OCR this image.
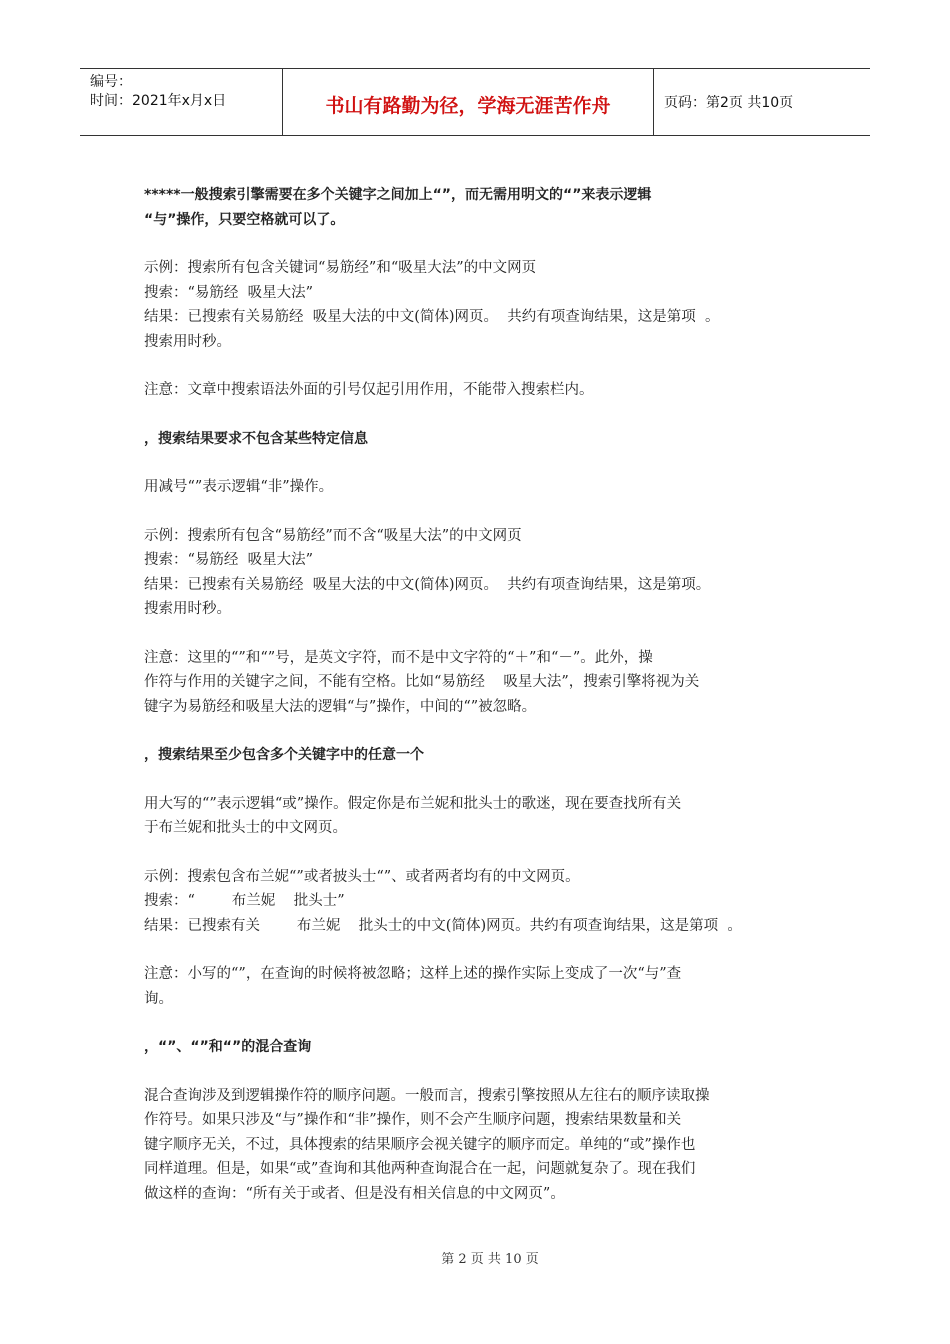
编号：
时间：2021年x月x日	书山有路勤为径，学海无涯苦作舟	页码：第2页 共10页
*****一般搜索引擎需要在多个关键字之间加上“”，而无需用明文的“”来表示逻辑
“与”操作，只要空格就可以了。
示例：搜索所有包含关键词“易筋经”和“吸星大法”的中文网页
搜索：“易筋经  吸星大法”
结果：已搜索有关易筋经  吸星大法的中文(简体)网页。  共约有项查询结果，这是第项  。
搜索用时秒。
注意：文章中搜索语法外面的引号仅起引用作用，不能带入搜索栏内。
，搜索结果要求不包含某些特定信息
用减号“”表示逻辑“非”操作。
示例：搜索所有包含“易筋经”而不含“吸星大法”的中文网页
搜索：“易筋经  吸星大法”
结果：已搜索有关易筋经  吸星大法的中文(简体)网页。  共约有项查询结果，这是第项。
搜索用时秒。
注意：这里的“”和“”号，是英文字符，而不是中文字符的“＋”和“－”。此外，操
作符与作用的关键字之间，不能有空格。比如“易筋经    吸星大法”，搜索引擎将视为关
键字为易筋经和吸星大法的逻辑“与”操作，中间的“”被忽略。
，搜索结果至少包含多个关键字中的任意一个
用大写的“”表示逻辑“或”操作。假定你是布兰妮和批头士的歌迷，现在要查找所有关
于布兰妮和批头士的中文网页。
示例：搜索包含布兰妮“”或者披头士“”、或者两者均有的中文网页。
搜索：“        布兰妮    批头士”
结果：已搜索有关        布兰妮    批头士的中文(简体)网页。共约有项查询结果，这是第项  。
注意：小写的“”，在查询的时候将被忽略；这样上述的操作实际上变成了一次“与”查
询。
，“”、“”和“”的混合查询
混合查询涉及到逻辑操作符的顺序问题。一般而言，搜索引擎按照从左往右的顺序读取操
作符号。如果只涉及“与”操作和“非”操作，则不会产生顺序问题，搜索结果数量和关
键字顺序无关，不过，具体搜索的结果顺序会视关键字的顺序而定。单纯的“或”操作也
同样道理。但是，如果“或”查询和其他两种查询混合在一起，问题就复杂了。现在我们
做这样的查询：“所有关于或者、但是没有相关信息的中文网页”。
第 2 页 共 10 页
